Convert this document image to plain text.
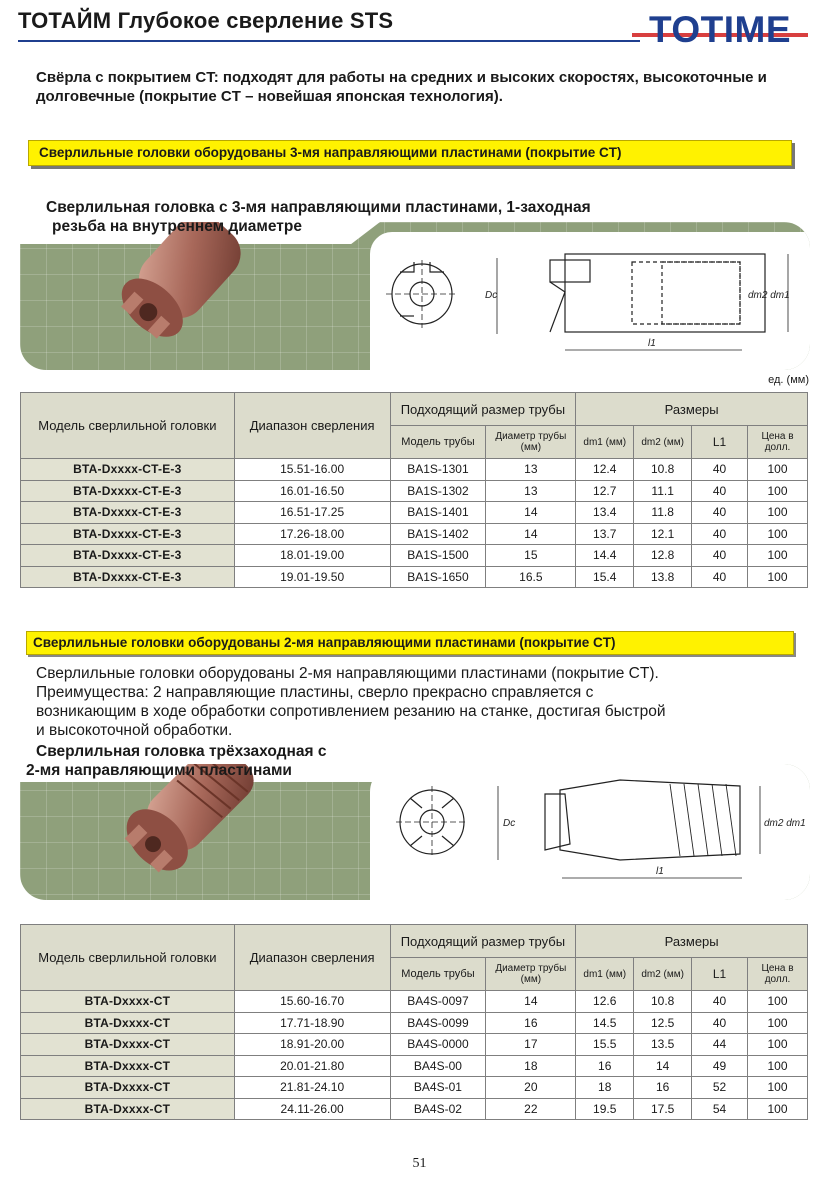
ТОТАЙМ Глубокое сверление STS	TOTIME
Свёрла с покрытием CT: подходят для работы на средних и высоких скоростях, высокоточные и долговечные (покрытие CT – новейшая японская технология).
Сверлильные головки оборудованы 3-мя направляющими пластинами (покрытие CT)
Сверлильная головка с 3-мя направляющими пластинами, 1-заходная
резьба на внутреннем диаметре
Dc	dm2 dm1
l1
ед. (мм)
Модель сверлильной головки	Диапазон сверления	Подходящий размер трубы		Размеры			
		Модель трубы	Диаметр трубы (мм)	dm1 (мм)	dm2 (мм)	L1	Цена в долл.
BTA-Dxxxx-CT-E-3	15.51-16.00	BA1S-1301	13	12.4	10.8	40	100
BTA-Dxxxx-CT-E-3	16.01-16.50	BA1S-1302	13	12.7	11.1	40	100
BTA-Dxxxx-CT-E-3	16.51-17.25	BA1S-1401	14	13.4	11.8	40	100
BTA-Dxxxx-CT-E-3	17.26-18.00	BA1S-1402	14	13.7	12.1	40	100
BTA-Dxxxx-CT-E-3	18.01-19.00	BA1S-1500	15	14.4	12.8	40	100
BTA-Dxxxx-CT-E-3	19.01-19.50	BA1S-1650	16.5	15.4	13.8	40	100
Сверлильные головки оборудованы 2-мя направляющими пластинами (покрытие CT)
Сверлильные головки оборудованы 2-мя направляющими пластинами (покрытие CT).
Преимущества: 2 направляющие пластины, сверло прекрасно справляется с
возникающим в ходе обработки сопротивлением резанию на станке, достигая быстрой
и высокоточной обработки.
Сверлильная головка трёхзаходная с
2-мя направляющими пластинами
Dc	dm2 dm1
l1
Модель сверлильной головки	Диапазон сверления	Подходящий размер трубы		Размеры			
		Модель трубы	Диаметр трубы (мм)	dm1 (мм)	dm2 (мм)	L1	Цена в долл.
BTA-Dxxxx-CT	15.60-16.70	BA4S-0097	14	12.6	10.8	40	100
BTA-Dxxxx-CT	17.71-18.90	BA4S-0099	16	14.5	12.5	40	100
BTA-Dxxxx-CT	18.91-20.00	BA4S-0000	17	15.5	13.5	44	100
BTA-Dxxxx-CT	20.01-21.80	BA4S-00	18	16	14	49	100
BTA-Dxxxx-CT	21.81-24.10	BA4S-01	20	18	16	52	100
BTA-Dxxxx-CT	24.11-26.00	BA4S-02	22	19.5	17.5	54	100
51
